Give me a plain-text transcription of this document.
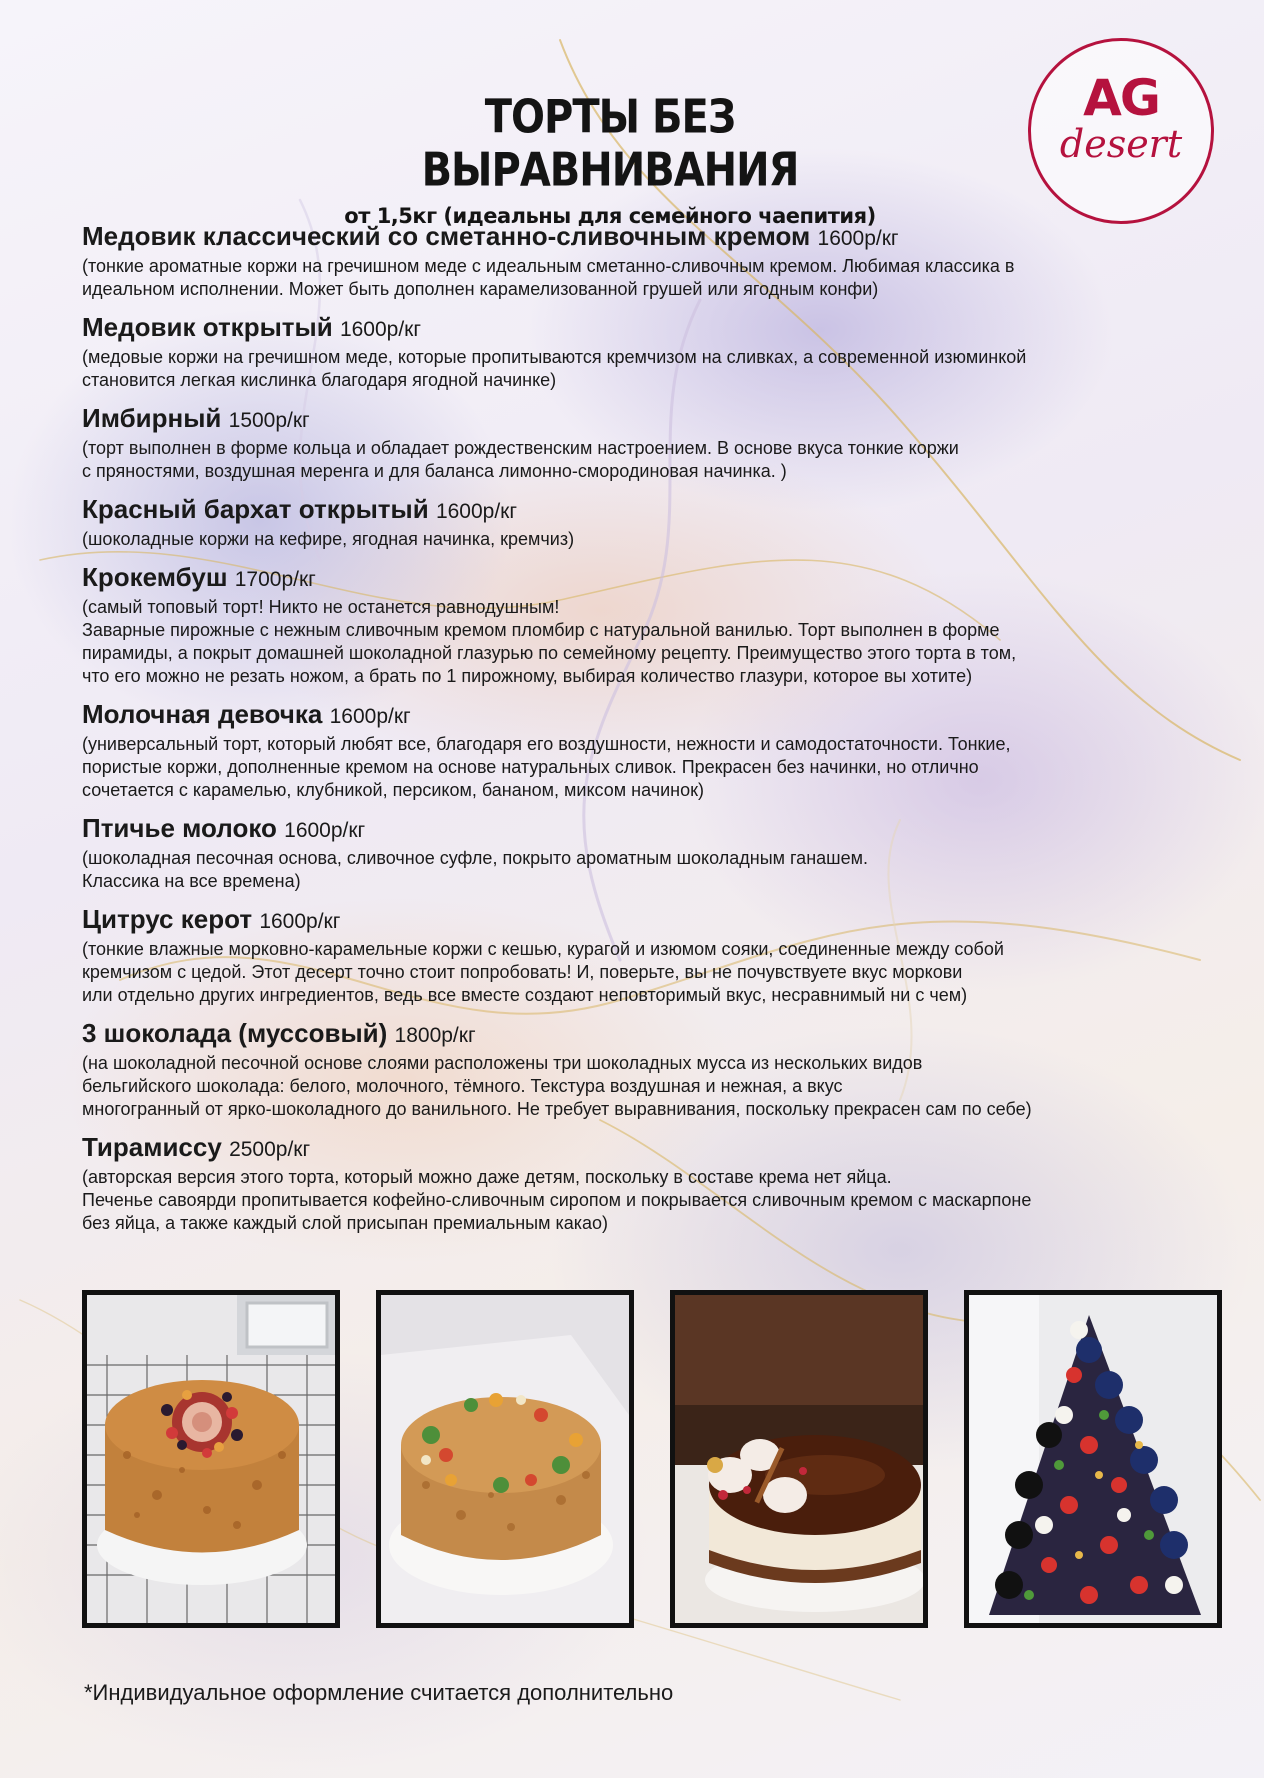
ТОРТЫ БЕЗ ВЫРАВНИВАНИЯ
от 1,5кг (идеальны для семейного чаепития)
AG
desert
Медовик классический со сметанно-сливочным кремом 1600р/кг
(тонкие ароматные коржи на гречишном меде с идеальным сметанно-сливочным кремом. Любимая классика в
идеальном исполнении. Может быть дополнен карамелизованной грушей или ягодным конфи)
Медовик открытый 1600р/кг
(медовые коржи на гречишном меде, которые пропитываются кремчизом на сливках, а современной изюминкой
становится легкая кислинка благодаря ягодной начинке)
Имбирный 1500р/кг
(торт выполнен в форме кольца и обладает рождественским настроением. В основе вкуса тонкие коржи
с пряностями, воздушная меренга и для баланса лимонно-смородиновая начинка. )
Красный бархат открытый 1600р/кг
(шоколадные коржи на кефире, ягодная начинка, кремчиз)
Крокембуш 1700р/кг
(самый топовый торт! Никто не останется равнодушным!
Заварные пирожные с нежным сливочным кремом пломбир с натуральной ванилью. Торт выполнен в форме
пирамиды, а покрыт домашней шоколадной глазурью по семейному рецепту. Преимущество этого торта в том,
что его можно не резать ножом, а брать по 1 пирожному, выбирая количество глазури, которое вы хотите)
Молочная девочка 1600р/кг
(универсальный торт, который любят все, благодаря его воздушности, нежности и самодостаточности. Тонкие,
пористые коржи, дополненные кремом на основе натуральных сливок. Прекрасен без начинки, но отлично
сочетается с карамелью, клубникой, персиком, бананом, миксом начинок)
Птичье молоко 1600р/кг
(шоколадная песочная основа, сливочное суфле, покрыто ароматным шоколадным ганашем.
Классика на все времена)
Цитрус керот 1600р/кг
(тонкие влажные морковно-карамельные коржи с кешью, курагой и изюмом сояки, соединенные между собой
кремчизом с цедой. Этот десерт точно стоит попробовать! И, поверьте, вы не почувствуете вкус моркови
или отдельно других ингредиентов, ведь все вместе создают неповторимый вкус, несравнимый ни с чем)
3 шоколада (муссовый) 1800р/кг
(на шоколадной песочной основе слоями расположены три шоколадных мусса из нескольких видов
бельгийского шоколада: белого, молочного, тёмного. Текстура воздушная и нежная, а вкус
многогранный от ярко-шоколадного до ванильного. Не требует выравнивания, поскольку прекрасен сам по себе)
Тирамиссу 2500р/кг
(авторская версия этого торта, который можно даже детям, поскольку в составе крема нет яйца.
Печенье савоярди пропитывается кофейно-сливочным сиропом и покрывается сливочным кремом с маскарпоне
без яйца, а также каждый слой присыпан премиальным какао)
*Индивидуальное оформление считается дополнительно
